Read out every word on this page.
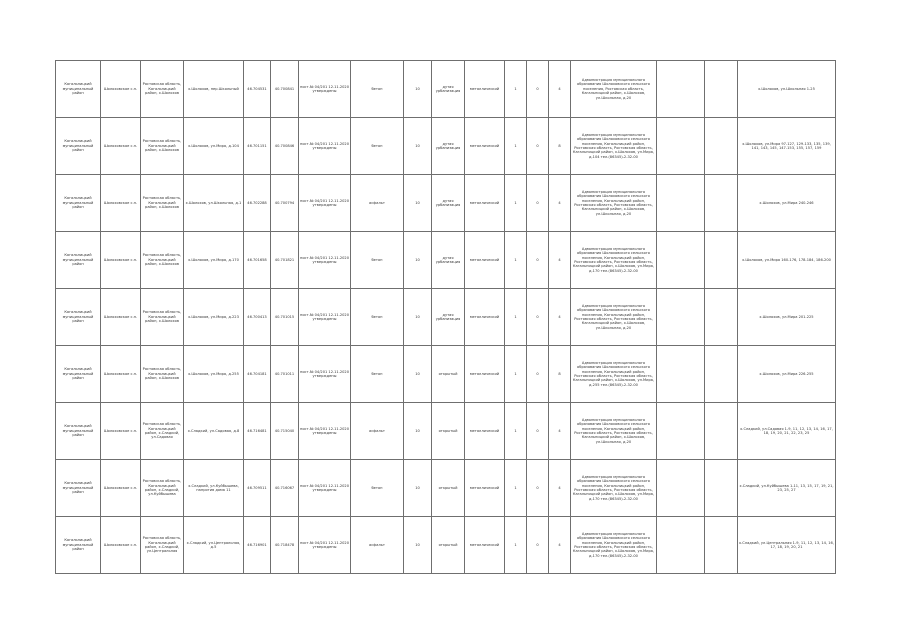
Кагальницкий муниципальный район	Шолоховское с.п.	Ростовская область, Кагальницкий район, х.Шолохов	х.Шолохов, пер.Школьный	46.704531	40.700841	пост.№ 04/201 12.11.2020 утверждены	бетон	10	дутая урбанизация	металлический	1	0	4	Администрация муниципального образования Шолоховского сельского поселения, Ростовская область, Кагальницкий район, х.Шолохов, ул.Школьная, д.20			х.Шолохов, ул.Школьная 1-25
Кагальницкий муниципальный район	Шолоховское с.п.	Ростовская область, Кагальницкий район, х.Шолохов	х.Шолохов, ул.Мира, д.104	46.701151	40.700846	пост.№ 04/201 12.11.2020 утверждены	бетон	10	дутая урбанизация	металлический	1	0	8	Администрация муниципального образования Шолоховского сельского поселения, Кагальницкий район, Ростовская область, Ростовская область, Кагальницкий район, х.Шолохов, ул.Мира, д.104 тел.(86345)-2-32-00			х.Шолохов, ул.Мира 97-127, 129-133, 135, 139, 141, 143, 145, 147-153, 155, 157, 159
Кагальницкий муниципальный район	Шолоховское с.п.	Ростовская область, Кагальницкий район, х.Шолохов	х.Шолохов, ул.Школьная, д.1	46.702288	40.700794	пост.№ 04/201 12.11.2020 утверждены	асфальт	10	дутая урбанизация	металлический	1	0	4	Администрация муниципального образования Шолоховского сельского поселения, Кагальницкий район, Ростовская область, Ростовская область, Кагальницкий район, х.Шолохов, ул.Школьная, д.20			х.Шолохов, ул.Мира 240-246
Кагальницкий муниципальный район	Шолоховское с.п.	Ростовская область, Кагальницкий район, х.Шолохов	х.Шолохов, ул.Мира, д.170	46.701658	40.701821	пост.№ 04/201 12.11.2020 утверждены	бетон	10	дутая урбанизация	металлический	1	0	4	Администрация муниципального образования Шолоховского сельского поселения, Кагальницкий район, Ростовская область, Ростовская область, Кагальницкий район, х.Шолохов, ул.Мира, д.170 тел.(86345)-2-32-00			х.Шолохов, ул.Мира 160-176, 178-184, 186-200
Кагальницкий муниципальный район	Шолоховское с.п.	Ростовская область, Кагальницкий район, х.Шолохов	х.Шолохов, ул.Мира, д.223	46.700413	40.701015	пост.№ 04/201 12.11.2020 утверждены	бетон	10	дутая урбанизация	металлический	1	0	4	Администрация муниципального образования Шолоховского сельского поселения, Кагальницкий район, Ростовская область, Ростовская область, Кагальницкий район, х.Шолохов, ул.Школьная, д.20			х.Шолохов, ул.Мира 201-225
Кагальницкий муниципальный район	Шолоховское с.п.	Ростовская область, Кагальницкий район, х.Шолохов	х.Шолохов, ул.Мира, д.255	46.704181	40.701011	пост.№ 04/201 12.11.2020 утверждены	бетон	10	открытый	металлический	1	0	8	Администрация муниципального образования Шолоховского сельского поселения, Кагальницкий район, Ростовская область, Ростовская область, Кагальницкий район, х.Шолохов, ул.Мира, д.255 тел.(86345)-2-32-00			х.Шолохов, ул.Мира 226-255
Кагальницкий муниципальный район	Шолоховское с.п.	Ростовская область, Кагальницкий район, х.Сладкий, ул.Садовая	х.Сладкий, ул.Садовая, д.8	46.716481	40.715040	пост.№ 04/201 12.11.2020 утверждены	асфальт	10	открытый	металлический	1	0	4	Администрация муниципального образования Шолоховского сельского поселения, Кагальницкий район, Ростовская область, Ростовская область, Кагальницкий район, х.Шолохов, ул.Школьная, д.20			х.Сладкий, ул.Садовая 1-9, 11, 12, 13, 14, 16, 17, 18, 19, 20, 21, 22, 23, 25
Кагальницкий муниципальный район	Шолоховское с.п.	Ростовская область, Кагальницкий район, х.Сладкий, ул.Куйбышева	х.Сладкий, ул.Куйбышева, напротив дома 11	46.709511	40.716067	пост.№ 04/201 12.11.2020 утверждены	бетон	10	открытый	металлический	1	0	4	Администрация муниципального образования Шолоховского сельского поселения, Кагальницкий район, Ростовская область, Ростовская область, Кагальницкий район, х.Шолохов, ул.Мира, д.170 тел.(86345)-2-32-00			х.Сладкий, ул.Куйбышева 1-11, 13, 15, 17, 19, 21, 23, 25, 27
Кагальницкий муниципальный район	Шолоховское с.п.	Ростовская область, Кагальницкий район, х.Сладкий, ул.Центральная	х.Сладкий, ул.Центральная, д.5	46.716901	40.718478	пост.№ 04/201 12.11.2020 утверждены	асфальт	10	открытый	металлический	1	0	4	Администрация муниципального образования Шолоховского сельского поселения, Кагальницкий район, Ростовская область, Ростовская область, Кагальницкий район, х.Шолохов, ул.Мира, д.170 тел.(86345)-2-32-00			х.Сладкий, ул.Центральная 1-9, 11, 12, 13, 14, 16, 17, 18, 19, 20, 21
